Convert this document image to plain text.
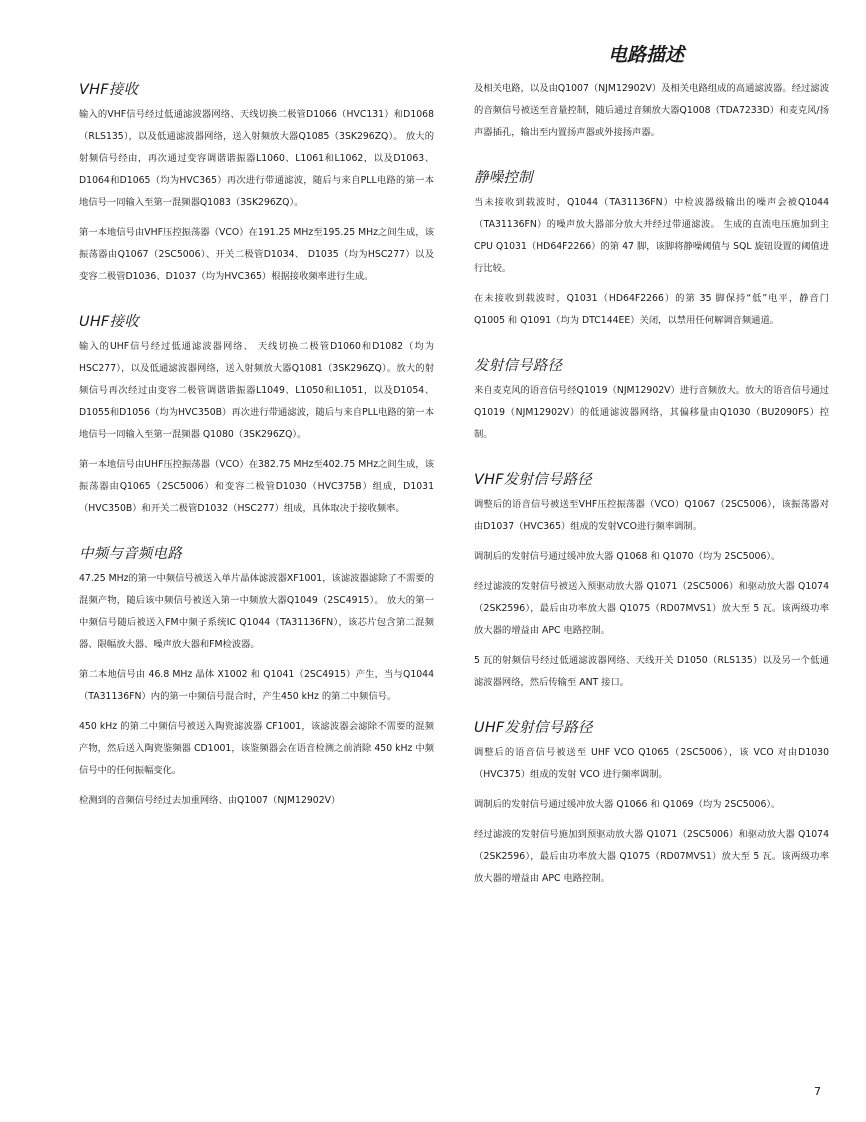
电路描述
VHF接收

输入的VHF信号经过低通滤波器网络、天线切换二极管D1066（HVC131）和D1068（RLS135），以及低通滤波器网络，送入射频放大器Q1085（3SK296ZQ）。 放大的射频信号经由，再次通过变容调谐谐振器L1060、L1061和L1062，以及D1063、D1064和D1065（均为HVC365）再次进行带通滤波，随后与来自PLL电路的第一本地信号一同输入至第一混频器Q1083（3SK296ZQ）。

第一本地信号由VHF压控振荡器（VCO）在191.25 MHz至195.25 MHz之间生成，该振荡器由Q1067（2SC5006）、开关二极管D1034、 D1035（均为HSC277）以及变容二极管D1036、D1037（均为HVC365）根据接收频率进行生成。

UHF接收

输入的UHF信号经过低通滤波器网络、 天线切换二极管D1060和D1082（均为HSC277），以及低通滤波器网络，送入射频放大器Q1081（3SK296ZQ）。放大的射频信号再次经过由变容二极管调谐谐振器L1049、L1050和L1051，以及D1054、D1055和D1056（均为HVC350B）再次进行带通滤波，随后与来自PLL电路的第一本地信号一同输入至第一混频器 Q1080（3SK296ZQ）。

第一本地信号由UHF压控振荡器（VCO）在382.75 MHz至402.75 MHz之间生成，该振荡器由Q1065（2SC5006）和变容二极管D1030（HVC375B）组成，D1031（HVC350B）和开关二极管D1032（HSC277）组成，具体取决于接收频率。

中频与音频电路

47.25 MHz的第一中频信号被送入单片晶体滤波器XF1001，该滤波器滤除了不需要的混频产物，随后该中频信号被送入第一中频放大器Q1049（2SC4915）。 放大的第一中频信号随后被送入FM中频子系统IC Q1044（TA31136FN），该芯片包含第二混频器、限幅放大器、噪声放大器和FM检波器。

第二本地信号由 46.8 MHz 晶体 X1002 和 Q1041（2SC4915）产生，当与Q1044（TA31136FN）内的第一中频信号混合时，产生450 kHz 的第二中频信号。

450 kHz 的第二中频信号被送入陶瓷滤波器 CF1001，该滤波器会滤除不需要的混频产物，然后送入陶瓷鉴频器 CD1001，该鉴频器会在语音检测之前消除 450 kHz 中频信号中的任何振幅变化。

检测到的音频信号经过去加重网络、由Q1007（NJM12902V）

及相关电路，以及由Q1007（NJM12902V）及相关电路组成的高通滤波器。经过滤波的音频信号被送至音量控制，随后通过音频放大器Q1008（TDA7233D）和麦克风/扬声器插孔，输出至内置扬声器或外接扬声器。

静噪控制

当未接收到载波时，Q1044（TA31136FN）中检波器级输出的噪声会被Q1044（TA31136FN）的噪声放大器部分放大并经过带通滤波。 生成的直流电压施加到主 CPU Q1031（HD64F2266）的第 47 脚，该脚将静噪阈值与 SQL 旋钮设置的阈值进行比较。

在未接收到载波时，Q1031（HD64F2266）的第 35 脚保持“低”电平，静音门Q1005 和 Q1091（均为 DTC144EE）关闭，以禁用任何解调音频通道。

发射信号路径

来自麦克风的语音信号经Q1019（NJM12902V）进行音频放大。放大的语音信号通过Q1019（NJM12902V）的低通滤波器网络，其偏移量由Q1030（BU2090FS）控制。

VHF发射信号路径

调整后的语音信号被送至VHF压控振荡器（VCO）Q1067（2SC5006），该振荡器对由D1037（HVC365）组成的发射VCO进行频率调制。

调制后的发射信号通过缓冲放大器 Q1068 和 Q1070（均为 2SC5006）。

经过滤波的发射信号被送入预驱动放大器 Q1071（2SC5006）和驱动放大器 Q1074（2SK2596），最后由功率放大器 Q1075（RD07MVS1）放大至 5 瓦。该两级功率放大器的增益由 APC 电路控制。

5 瓦的射频信号经过低通滤波器网络、天线开关 D1050（RLS135）以及另一个低通滤波器网络，然后传输至 ANT 接口。

UHF发射信号路径

调整后的语音信号被送至 UHF VCO Q1065（2SC5006），该 VCO 对由D1030（HVC375）组成的发射 VCO 进行频率调制。

调制后的发射信号通过缓冲放大器 Q1066 和 Q1069（均为 2SC5006）。

经过滤波的发射信号施加到预驱动放大器 Q1071（2SC5006）和驱动放大器 Q1074（2SK2596），最后由功率放大器 Q1075（RD07MVS1）放大至 5 瓦。该两级功率放大器的增益由 APC 电路控制。

7
